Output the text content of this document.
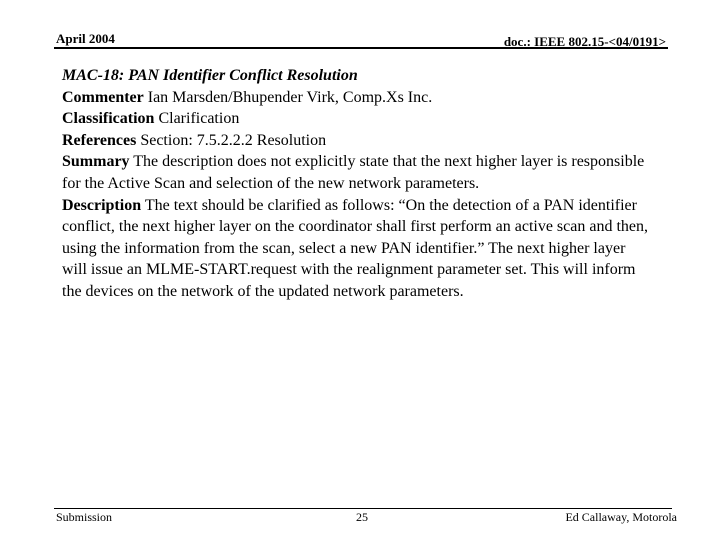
April 2004	doc.: IEEE 802.15-<04/0191>

MAC-18: PAN Identifier Conflict Resolution

Commenter Ian Marsden/Bhupender Virk, Comp.Xs Inc.

Classification Clarification

References Section: 7.5.2.2.2 Resolution

Summary The description does not explicitly state that the next higher layer is responsible for the Active Scan and selection of the new network parameters.

Description The text should be clarified as follows: “On the detection of a PAN identifier conflict, the next higher layer on the coordinator shall first perform an active scan and then, using the information from the scan, select a new PAN identifier.” The next higher layer will issue an MLME-START.request with the realignment parameter set. This will inform the devices on the network of the updated network parameters.

Submission	25	Ed Callaway, Motorola
